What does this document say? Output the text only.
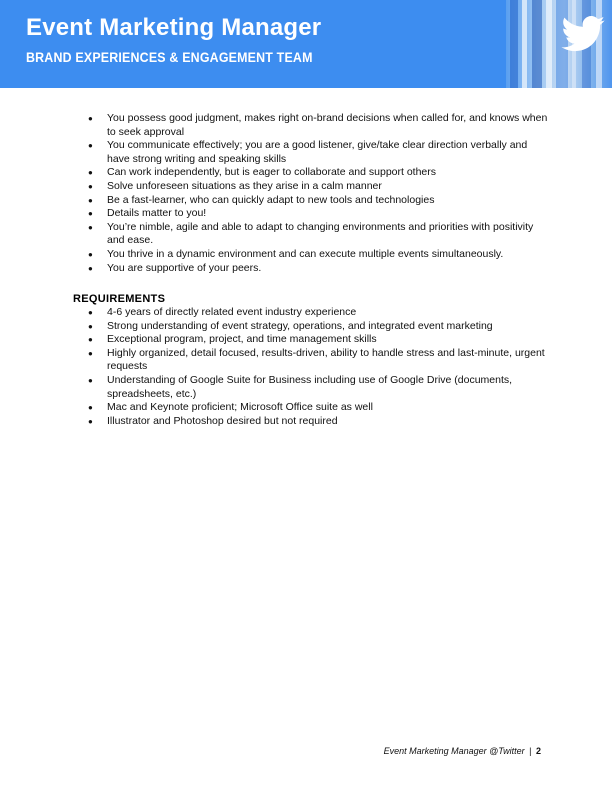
Event Marketing Manager
BRAND EXPERIENCES & ENGAGEMENT TEAM
● You possess good judgment, makes right on-brand decisions when called for, and knows when to seek approval
● You communicate effectively; you are a good listener, give/take clear direction verbally and have strong writing and speaking skills
● Can work independently, but is eager to collaborate and support others
● Solve unforeseen situations as they arise in a calm manner
● Be a fast-learner, who can quickly adapt to new tools and technologies
● Details matter to you!
● You’re nimble, agile and able to adapt to changing environments and priorities with positivity and ease.
● You thrive in a dynamic environment and can execute multiple events simultaneously.
● You are supportive of your peers.
REQUIREMENTS
● 4-6 years of directly related event industry experience
● Strong understanding of event strategy, operations, and integrated event marketing
● Exceptional program, project, and time management skills
● Highly organized, detail focused, results-driven, ability to handle stress and last-minute, urgent requests
● Understanding of Google Suite for Business including use of Google Drive (documents, spreadsheets, etc.)
● Mac and Keynote proficient; Microsoft Office suite as well
● Illustrator and Photoshop desired but not required
Event Marketing Manager @Twitter | 2
